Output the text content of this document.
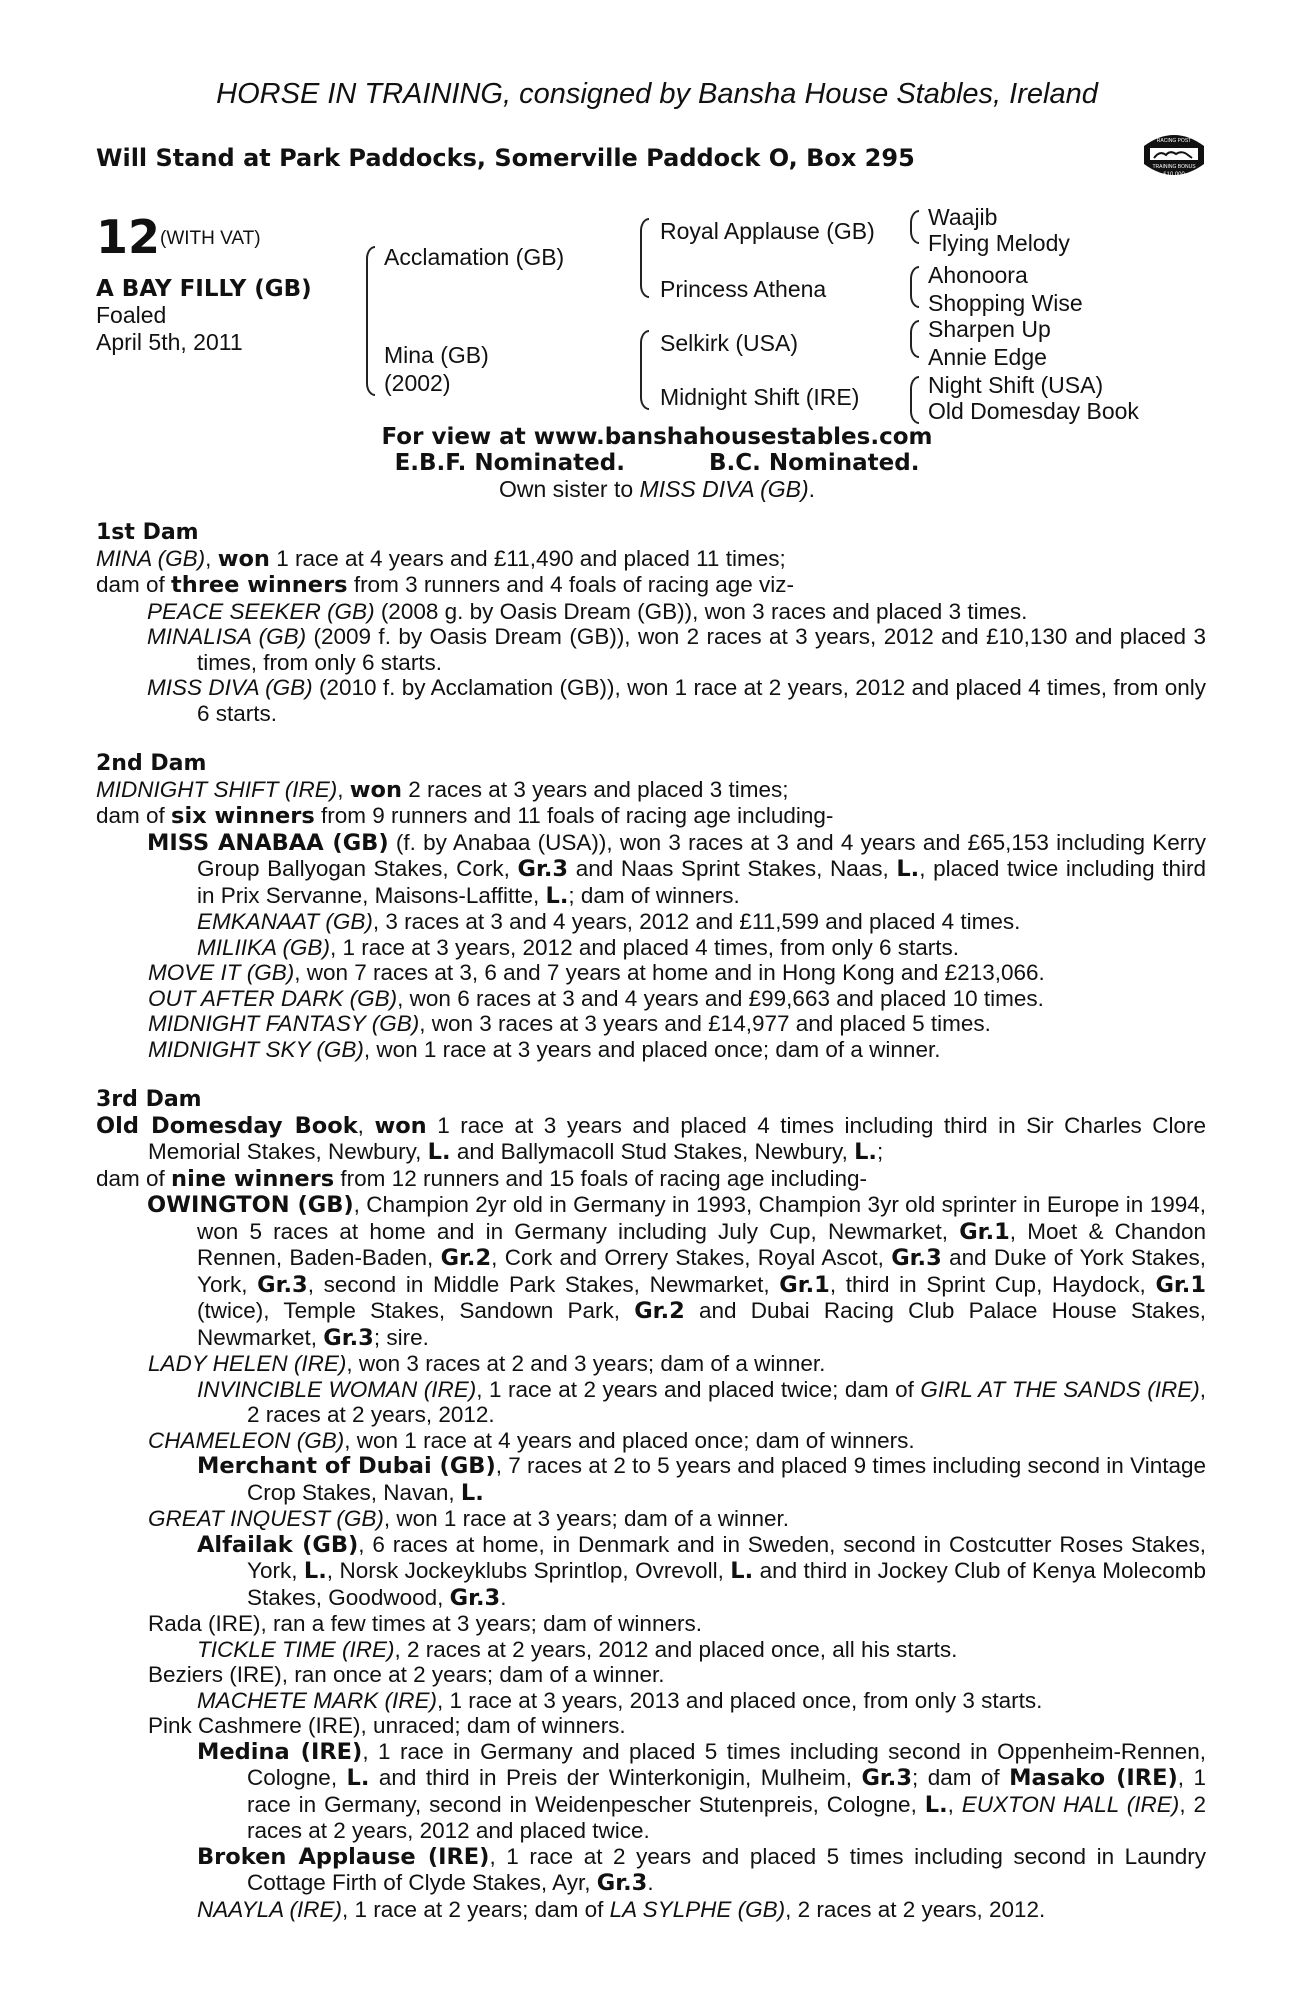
HORSE IN TRAINING, consigned by Bansha House Stables, Ireland
Will Stand at Park Paddocks, Somerville Paddock O, Box 295
RACING POST
TRAINING BONUS
£10,000
12 (WITH VAT)
A BAY FILLY (GB)
Foaled
April 5th, 2011
Acclamation (GB)
Mina (GB)
(2002)
Royal Applause (GB)
Princess Athena
Selkirk (USA)
Midnight Shift (IRE)
Waajib
Flying Melody
Ahonoora
Shopping Wise
Sharpen Up
Annie Edge
Night Shift (USA)
Old Domesday Book
For view at www.banshahousestables.com
E.B.F. Nominated.	B.C. Nominated.
Own sister to MISS DIVA (GB).
1st Dam
MINA (GB), won 1 race at 4 years and £11,490 and placed 11 times;
dam of three winners from 3 runners and 4 foals of racing age viz-
PEACE SEEKER (GB) (2008 g. by Oasis Dream (GB)), won 3 races and placed 3 times.
MINALISA (GB) (2009 f. by Oasis Dream (GB)), won 2 races at 3 years, 2012 and £10,130 and placed 3 times, from only 6 starts.
MISS DIVA (GB) (2010 f. by Acclamation (GB)), won 1 race at 2 years, 2012 and placed 4 times, from only 6 starts.
2nd Dam
MIDNIGHT SHIFT (IRE), won 2 races at 3 years and placed 3 times;
dam of six winners from 9 runners and 11 foals of racing age including-
MISS ANABAA (GB) (f. by Anabaa (USA)), won 3 races at 3 and 4 years and £65,153 including Kerry Group Ballyogan Stakes, Cork, Gr.3 and Naas Sprint Stakes, Naas, L., placed twice including third in Prix Servanne, Maisons-Laffitte, L.; dam of winners.
EMKANAAT (GB), 3 races at 3 and 4 years, 2012 and £11,599 and placed 4 times.
MILIIKA (GB), 1 race at 3 years, 2012 and placed 4 times, from only 6 starts.
MOVE IT (GB), won 7 races at 3, 6 and 7 years at home and in Hong Kong and £213,066.
OUT AFTER DARK (GB), won 6 races at 3 and 4 years and £99,663 and placed 10 times.
MIDNIGHT FANTASY (GB), won 3 races at 3 years and £14,977 and placed 5 times.
MIDNIGHT SKY (GB), won 1 race at 3 years and placed once; dam of a winner.
3rd Dam
Old Domesday Book, won 1 race at 3 years and placed 4 times including third in Sir Charles Clore Memorial Stakes, Newbury, L. and Ballymacoll Stud Stakes, Newbury, L.;
dam of nine winners from 12 runners and 15 foals of racing age including-
OWINGTON (GB), Champion 2yr old in Germany in 1993, Champion 3yr old sprinter in Europe in 1994, won 5 races at home and in Germany including July Cup, Newmarket, Gr.1, Moet & Chandon Rennen, Baden-Baden, Gr.2, Cork and Orrery Stakes, Royal Ascot, Gr.3 and Duke of York Stakes, York, Gr.3, second in Middle Park Stakes, Newmarket, Gr.1, third in Sprint Cup, Haydock, Gr.1 (twice), Temple Stakes, Sandown Park, Gr.2 and Dubai Racing Club Palace House Stakes, Newmarket, Gr.3; sire.
LADY HELEN (IRE), won 3 races at 2 and 3 years; dam of a winner.
INVINCIBLE WOMAN (IRE), 1 race at 2 years and placed twice; dam of GIRL AT THE SANDS (IRE), 2 races at 2 years, 2012.
CHAMELEON (GB), won 1 race at 4 years and placed once; dam of winners.
Merchant of Dubai (GB), 7 races at 2 to 5 years and placed 9 times including second in Vintage Crop Stakes, Navan, L.
GREAT INQUEST (GB), won 1 race at 3 years; dam of a winner.
Alfailak (GB), 6 races at home, in Denmark and in Sweden, second in Costcutter Roses Stakes, York, L., Norsk Jockeyklubs Sprintlop, Ovrevoll, L. and third in Jockey Club of Kenya Molecomb Stakes, Goodwood, Gr.3.
Rada (IRE), ran a few times at 3 years; dam of winners.
TICKLE TIME (IRE), 2 races at 2 years, 2012 and placed once, all his starts.
Beziers (IRE), ran once at 2 years; dam of a winner.
MACHETE MARK (IRE), 1 race at 3 years, 2013 and placed once, from only 3 starts.
Pink Cashmere (IRE), unraced; dam of winners.
Medina (IRE), 1 race in Germany and placed 5 times including second in Oppenheim-Rennen, Cologne, L. and third in Preis der Winterkonigin, Mulheim, Gr.3; dam of Masako (IRE), 1 race in Germany, second in Weidenpescher Stutenpreis, Cologne, L., EUXTON HALL (IRE), 2 races at 2 years, 2012 and placed twice.
Broken Applause (IRE), 1 race at 2 years and placed 5 times including second in Laundry Cottage Firth of Clyde Stakes, Ayr, Gr.3.
NAAYLA (IRE), 1 race at 2 years; dam of LA SYLPHE (GB), 2 races at 2 years, 2012.
